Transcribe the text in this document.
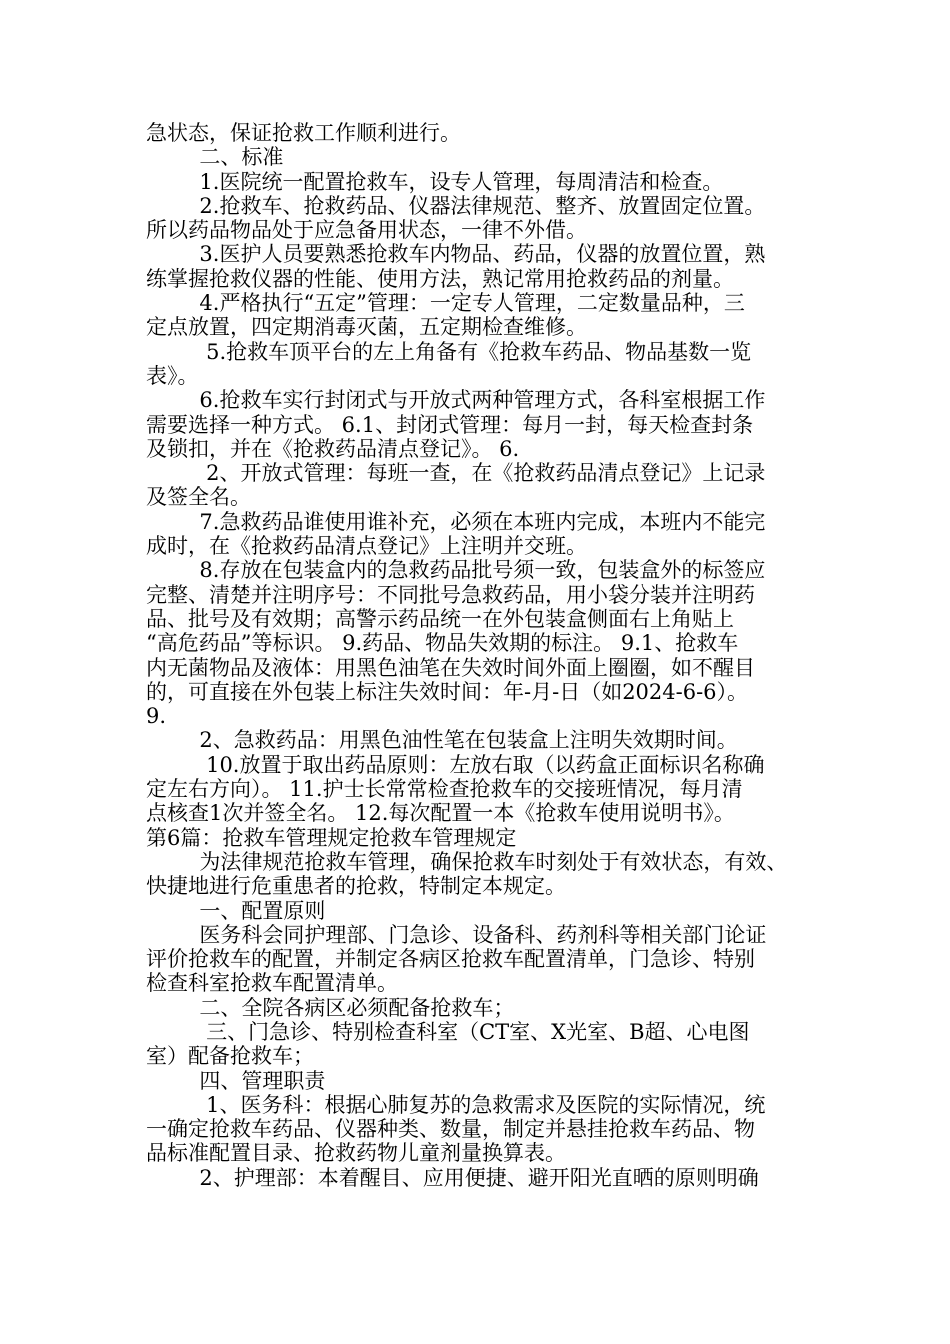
急状态，保证抢救工作顺利进行。
二、标准
1.医院统一配置抢救车，设专人管理，每周清洁和检查。
2.抢救车、抢救药品、仪器法律规范、整齐、放置固定位置。
所以药品物品处于应急备用状态，一律不外借。
3.医护人员要熟悉抢救车内物品、药品，仪器的放置位置，熟
练掌握抢救仪器的性能、使用方法，熟记常用抢救药品的剂量。
4.严格执行“五定”管理：一定专人管理，二定数量品种，三
定点放置，四定期消毒灭菌，五定期检查维修。
5.抢救车顶平台的左上角备有《抢救车药品、物品基数一览
表》。
6.抢救车实行封闭式与开放式两种管理方式，各科室根据工作
需要选择一种方式。 6.1、封闭式管理：每月一封，每天检查封条
及锁扣，并在《抢救药品清点登记》。 6.
2、开放式管理：每班一查，在《抢救药品清点登记》上记录
及签全名。
7.急救药品谁使用谁补充，必须在本班内完成，本班内不能完
成时，在《抢救药品清点登记》上注明并交班。
8.存放在包装盒内的急救药品批号须一致，包装盒外的标签应
完整、清楚并注明序号：不同批号急救药品，用小袋分装并注明药
品、批号及有效期；高警示药品统一在外包装盒侧面右上角贴上
“高危药品”等标识。 9.药品、物品失效期的标注。 9.1、抢救车
内无菌物品及液体：用黑色油笔在失效时间外面上圈圈，如不醒目
的，可直接在外包装上标注失效时间：年-月-日（如2024-6-6）。
9.
2、急救药品：用黑色油性笔在包装盒上注明失效期时间。
10.放置于取出药品原则：左放右取（以药盒正面标识名称确
定左右方向）。 11.护士长常常检查抢救车的交接班情况，每月清
点核查1次并签全名。 12.每次配置一本《抢救车使用说明书》。
第6篇：抢救车管理规定抢救车管理规定
为法律规范抢救车管理，确保抢救车时刻处于有效状态，有效、
快捷地进行危重患者的抢救，特制定本规定。
一、配置原则
医务科会同护理部、门急诊、设备科、药剂科等相关部门论证
评价抢救车的配置，并制定各病区抢救车配置清单，门急诊、特别
检查科室抢救车配置清单。
二、全院各病区必须配备抢救车；
三、门急诊、特别检查科室（CT室、X光室、B超、心电图
室）配备抢救车；
四、管理职责
1、医务科：根据心肺复苏的急救需求及医院的实际情况，统
一确定抢救车药品、仪器种类、数量，制定并悬挂抢救车药品、物
品标准配置目录、抢救药物儿童剂量换算表。
2、护理部：本着醒目、应用便捷、避开阳光直晒的原则明确
